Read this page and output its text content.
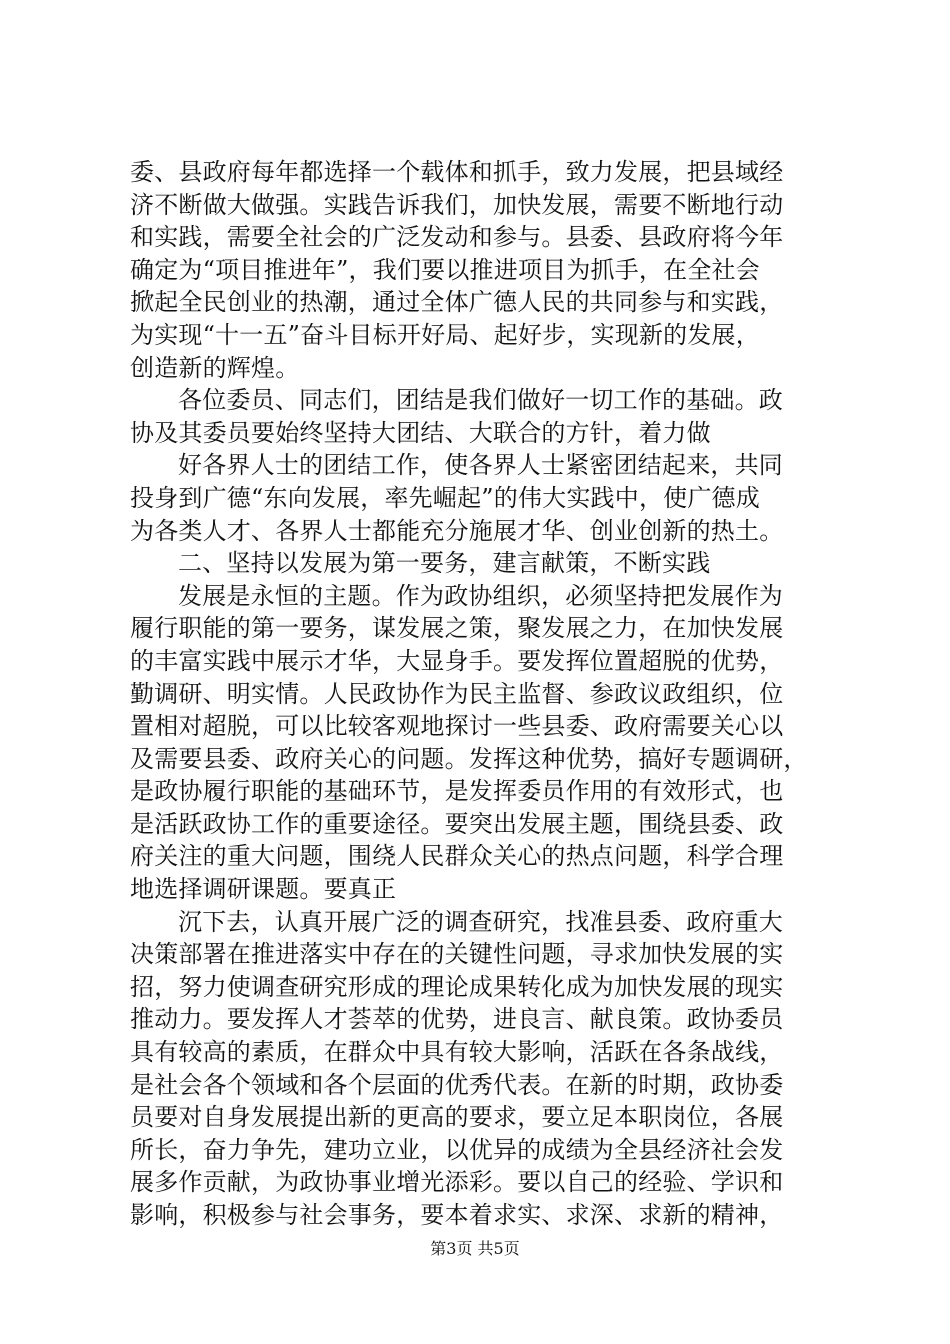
委、县政府每年都选择一个载体和抓手，致力发展，把县域经
济不断做大做强。实践告诉我们，加快发展，需要不断地行动
和实践，需要全社会的广泛发动和参与。县委、县政府将今年
确定为“项目推进年”，我们要以推进项目为抓手，在全社会
掀起全民创业的热潮，通过全体广德人民的共同参与和实践，
为实现“十一五”奋斗目标开好局、起好步，实现新的发展，
创造新的辉煌。
各位委员、同志们，团结是我们做好一切工作的基础。政
协及其委员要始终坚持大团结、大联合的方针，着力做
好各界人士的团结工作，使各界人士紧密团结起来，共同
投身到广德“东向发展，率先崛起”的伟大实践中，使广德成
为各类人才、各界人士都能充分施展才华、创业创新的热土。
二、坚持以发展为第一要务，建言献策，不断实践
发展是永恒的主题。作为政协组织，必须坚持把发展作为
履行职能的第一要务，谋发展之策，聚发展之力，在加快发展
的丰富实践中展示才华，大显身手。要发挥位置超脱的优势，
勤调研、明实情。人民政协作为民主监督、参政议政组织，位
置相对超脱，可以比较客观地探讨一些县委、政府需要关心以
及需要县委、政府关心的问题。发挥这种优势，搞好专题调研，
是政协履行职能的基础环节，是发挥委员作用的有效形式，也
是活跃政协工作的重要途径。要突出发展主题，围绕县委、政
府关注的重大问题，围绕人民群众关心的热点问题，科学合理
地选择调研课题。要真正
沉下去，认真开展广泛的调查研究，找准县委、政府重大
决策部署在推进落实中存在的关键性问题，寻求加快发展的实
招，努力使调查研究形成的理论成果转化成为加快发展的现实
推动力。要发挥人才荟萃的优势，进良言、献良策。政协委员
具有较高的素质，在群众中具有较大影响，活跃在各条战线，
是社会各个领域和各个层面的优秀代表。在新的时期，政协委
员要对自身发展提出新的更高的要求，要立足本职岗位，各展
所长，奋力争先，建功立业，以优异的成绩为全县经济社会发
展多作贡献，为政协事业增光添彩。要以自己的经验、学识和
影响，积极参与社会事务，要本着求实、求深、求新的精神，
第3页 共5页
